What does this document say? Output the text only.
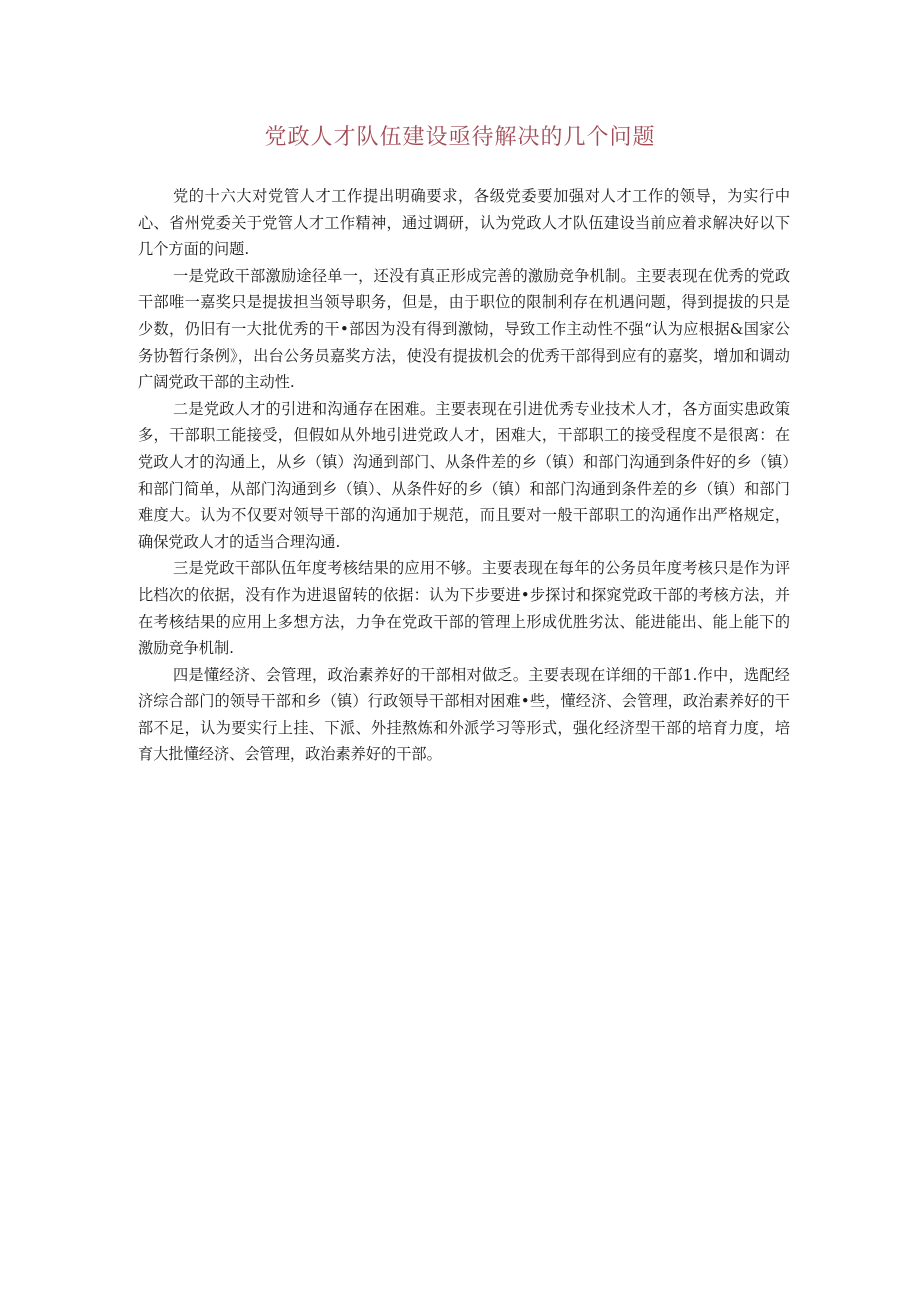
党政人才队伍建设亟待解决的几个问题

党的十六大对党管人才工作提出明确要求，各级党委要加强对人才工作的领导，为实行中心、省州党委关于党管人才工作精神，通过调研，认为党政人才队伍建设当前应着求解决好以下几个方面的问题.

一是党政干部激励途径单一，还没有真正形成完善的激励竞争机制。主要表现在优秀的党政干部唯一嘉奖只是提拔担当领导职务，但是，由于职位的限制利存在机遇问题，得到提拔的只是少数，仍旧有一大批优秀的干•部因为没有得到激恸，导致工作主动性不强“认为应根据&国家公务协暂行条例》，出台公务员嘉奖方法，使没有提拔机会的优秀干部得到应有的嘉奖，增加和调动广阔党政干部的主动性.

二是党政人才的引进和沟通存在困难。主要表现在引进优秀专业技术人才，各方面实患政策多，干部职工能接受，但假如从外地引进党政人才，困难大，干部职工的接受程度不是很离：在党政人才的沟通上，从乡（镇）沟通到部门、从条件差的乡（镇）和部门沟通到条件好的乡（镇）和部门简单，从部门沟通到乡（镇）、从条件好的乡（镇）和部门沟通到条件差的乡（镇）和部门难度大。认为不仅要对领导干部的沟通加于规范，而且要对一般干部职工的沟通作出严格规定，确保党政人才的适当合理沟通.

三是党政干部队伍年度考核结果的应用不够。主要表现在每年的公务员年度考核只是作为评比档次的依据，没有作为进退留转的依据：认为下步要进•步探讨和探窕党政干部的考核方法，并在考核结果的应用上多想方法，力争在党政干部的管理上形成优胜劣汰、能进能出、能上能下的激励竞争机制.

四是懂经济、会管理，政治素养好的干部相对做乏。主要表现在详细的干部1.作中，选配经济综合部门的领导干部和乡（镇）行政领导干部相对困难•些，懂经济、会管理，政治素养好的干部不足，认为要实行上挂、下派、外挂熬炼和外派学习等形式，强化经济型干部的培育力度，培育大批懂经济、会管理，政治素养好的干部。
